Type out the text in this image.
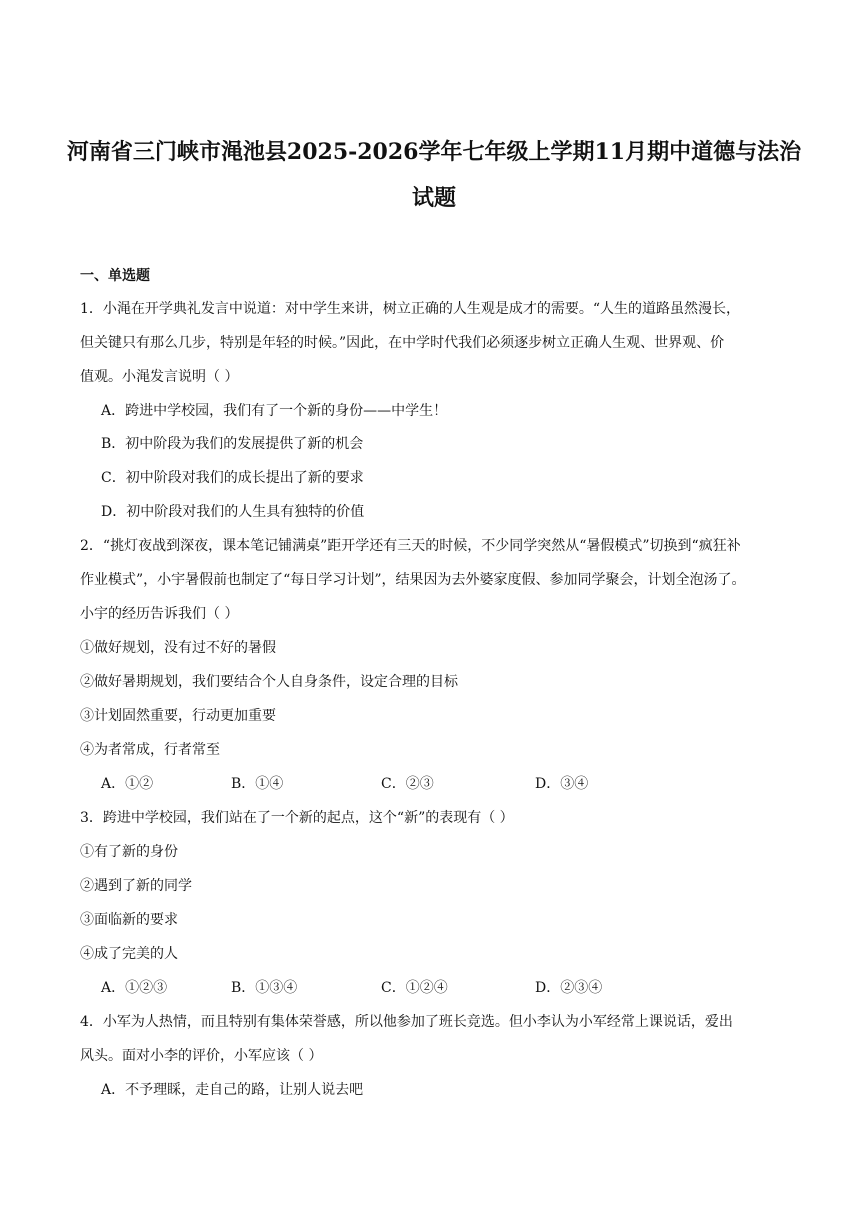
河南省三门峡市渑池县2025-2026学年七年级上学期11月期中道德与法治
试题
一、单选题
1．小渑在开学典礼发言中说道：对中学生来讲，树立正确的人生观是成才的需要。“人生的道路虽然漫长，
但关键只有那么几步，特别是年轻的时候。”因此，在中学时代我们必须逐步树立正确人生观、世界观、价
值观。小渑发言说明（ ）
A．跨进中学校园，我们有了一个新的身份——中学生！
B．初中阶段为我们的发展提供了新的机会
C．初中阶段对我们的成长提出了新的要求
D．初中阶段对我们的人生具有独特的价值
2．“挑灯夜战到深夜，课本笔记铺满桌”距开学还有三天的时候，不少同学突然从“暑假模式”切换到“疯狂补
作业模式”，小宇暑假前也制定了“每日学习计划”，结果因为去外婆家度假、参加同学聚会，计划全泡汤了。
小宇的经历告诉我们（ ）
①做好规划，没有过不好的暑假
②做好暑期规划，我们要结合个人自身条件，设定合理的目标
③计划固然重要，行动更加重要
④为者常成，行者常至
A．①②	B．①④	C．②③	D．③④
3．跨进中学校园，我们站在了一个新的起点，这个“新”的表现有（ ）
①有了新的身份
②遇到了新的同学
③面临新的要求
④成了完美的人
A．①②③	B．①③④	C．①②④	D．②③④
4．小军为人热情，而且特别有集体荣誉感，所以他参加了班长竞选。但小李认为小军经常上课说话，爱出
风头。面对小李的评价，小军应该（ ）
A．不予理睬，走自己的路，让别人说去吧
